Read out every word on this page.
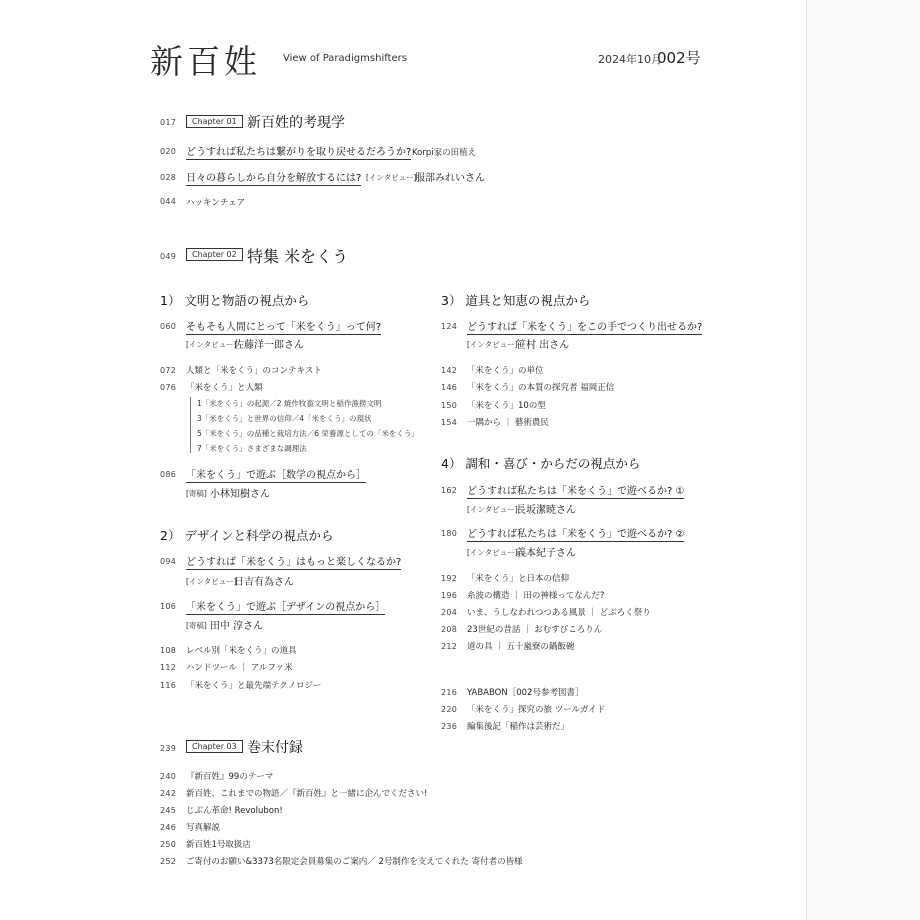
新百姓 View of Paradigmshifters	2024年10月
002号
017	Chapter 01 新百姓的考現学
020 どうすれば私たちは繋がりを取り戻せるだろうか? Korpi家の田植え
028 日々の暮らしから自分を解放するには? [インタビュー]
服部みれいさん
044 ハッキンチェア
049	Chapter 02 特集 米をくう
1） 文明と物語の視点から
060 そもそも人間にとって「米をくう」って何?
[インタビュー]
佐藤洋一郎さん
072 人類と「米をくう」のコンテキスト
076 「米をくう」と人類
1「米をくう」の起源／2 焼作牧畜文明と稲作漁撈文明
3「米をくう」と世界の信仰／4「米をくう」の現状
5「米をくう」の品種と栽培方法／6 栄養源としての「米をくう」
7「米をくう」さまざまな調理法
086 「米をくう」で遊ぶ［数学の視点から］
[寄稿] 小林知樹さん
2） デザインと科学の視点から
094 どうすれば「米をくう」はもっと楽しくなるか?
[インタビュー]
日吉有為さん
106 「米をくう」で遊ぶ［デザインの視点から］
[寄稿] 田中 淳さん
108 レベル別「米をくう」の道具
112 ハンドツール ｜ アルファ米
116 「米をくう」と最先端テクノロジー
3） 道具と知恵の視点から
124 どうすれば「米をくう」をこの手でつくり出せるか?
[インタビュー]
笹村 出さん
142 「米をくう」の単位
146 「米をくう」の本質の探究者 福岡正信
150 「米をくう」10の型
154 一隅から ｜ 藝術農民
4） 調和・喜び・からだの視点から
162 どうすれば私たちは「米をくう」で遊べるか? ①
[インタビュー]
長坂潔暁さん
180 どうすれば私たちは「米をくう」で遊べるか? ②
[インタビュー]
義本紀子さん
192 「米をくう」と日本の信仰
196 糸波の構造 ｜ 田の神様ってなんだ?
204 いま、うしなわれつつある風景 ｜ どぶろく祭り
208 23世紀の昔話 ｜ おむすびころりん
212 道の具 ｜ 五十嵐寮の鍋飯碗
216 YABABON［002号参考図書］
220 「米をくう」探究の旅 ツールガイド
236 編集後記「稲作は芸術だ」
239	Chapter 03 巻末付録
240 『新百姓』99のテーマ
242 新百姓、これまでの物語／『新百姓』と一緒に企んでください!
245 じぶん革命! Revolubon!
246 写真解説
250 新百姓1号取扱店
252 ご寄付のお願い&3373名限定会員募集のご案内／ 2号制作を支えてくれた 寄付者の皆様
